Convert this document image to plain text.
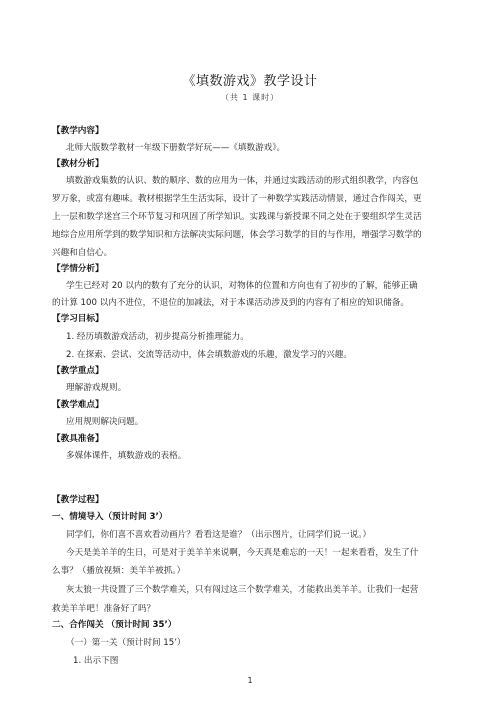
《填数游戏》教学设计
（共 1 课时）
【教学内容】
北师大版数学教材一年级下册数学好玩——《填数游戏》。
【教材分析】
填数游戏集数的认识、数的顺序、数的应用为一体，并通过实践活动的形式组织教学，内容包
罗万象，或富有趣味。教材根据学生生活实际，设计了一种数学实践活动情景，通过合作闯关，更
上一层和数学迷宫三个环节复习和巩固了所学知识。实践课与新授课不同之处在于要组织学生灵活
地综合应用所学到的数学知识和方法解决实际问题，体会学习数学的目的与作用，增强学习数学的
兴趣和自信心。
【学情分析】
学生已经对 20 以内的数有了充分的认识，对物体的位置和方向也有了初步的了解，能够正确
的计算 100 以内不进位，不退位的加减法，对于本课活动涉及到的内容有了相应的知识储备。
【学习目标】
1. 经历填数游戏活动，初步提高分析推理能力。
2. 在探索、尝试、交流等活动中，体会填数游戏的乐趣，激发学习的兴趣。
【教学重点】
理解游戏规则。
【教学难点】
应用规则解决问题。
【教具准备】
多媒体课件，填数游戏的表格。
【教学过程】
一、情境导入（预计时间 3’）
同学们，你们喜不喜欢看动画片？看看这是谁？（出示图片，让同学们说一说。）
今天是美羊羊的生日，可是对于美羊羊来说啊，今天真是难忘的一天！一起来看看，发生了什
么事？（播放视频：美羊羊被抓。）
灰太狼一共设置了三个数学难关，只有闯过这三个数学难关，才能救出美羊羊。让我们一起营
救美羊羊吧！准备好了吗？
二、合作闯关 （预计时间 35’）
（一）第一关（预计时间 15’）
1. 出示下图
1
